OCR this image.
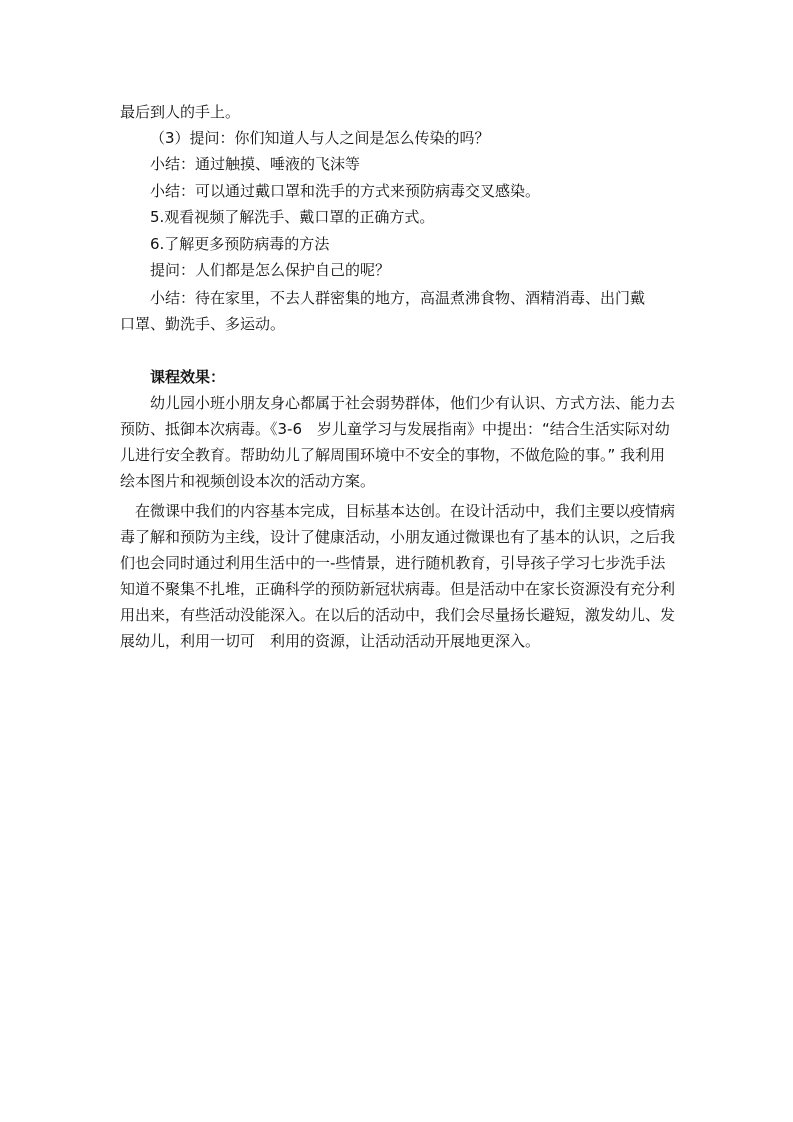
最后到人的手上。
（3）提问：你们知道人与人之间是怎么传染的吗？
小结：通过触摸、唾液的飞沫等
小结：可以通过戴口罩和洗手的方式来预防病毒交叉感染。
5.观看视频了解洗手、戴口罩的正确方式。
6.了解更多预防病毒的方法
提问：人们都是怎么保护自己的呢？
小结：待在家里，不去人群密集的地方，高温煮沸食物、酒精消毒、出门戴
口罩、勤洗手、多运动。
课程效果：
幼儿园小班小朋友身心都属于社会弱势群体，他们少有认识、方式方法、能力去预防、抵御本次病毒。《3-6　岁儿童学习与发展指南》中提出：“结合生活实际对幼儿进行安全教育。帮助幼儿了解周围环境中不安全的事物，不做危险的事。” 我利用绘本图片和视频创设本次的活动方案。
在微课中我们的内容基本完成，目标基本达创。在设计活动中，我们主要以疫情病毒了解和预防为主线，设计了健康活动，小朋友通过微课也有了基本的认识，之后我们也会同时通过利用生活中的一-些情景，进行随机教育，引导孩子学习七步洗手法知道不聚集不扎堆，正确科学的预防新冠状病毒。但是活动中在家长资源没有充分利用出来，有些活动没能深入。在以后的活动中，我们会尽量扬长避短，激发幼儿、发展幼儿，利用一切可　利用的资源，让活动活动开展地更深入。
